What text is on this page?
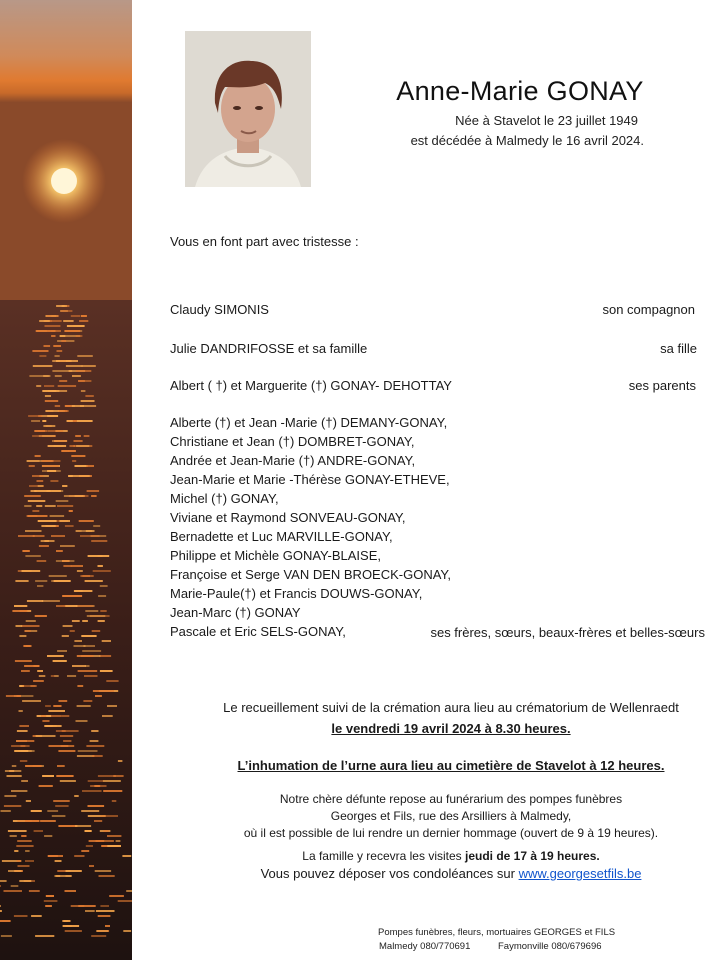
Anne-Marie GONAY
Née à Stavelot le 23 juillet 1949
est décédée à Malmedy le 16 avril 2024.
Vous en font part avec tristesse :
Claudy SIMONIS	son compagnon
Julie DANDRIFOSSE et sa famille	sa fille
Albert ( †) et Marguerite (†) GONAY- DEHOTTAY	ses parents
Alberte (†) et Jean -Marie (†) DEMANY-GONAY,
Christiane et Jean (†) DOMBRET-GONAY,
Andrée et Jean-Marie (†) ANDRE-GONAY,
Jean-Marie et Marie -Thérèse GONAY-ETHEVE,
Michel (†) GONAY,
Viviane et Raymond SONVEAU-GONAY,
Bernadette et Luc MARVILLE-GONAY,
Philippe et Michèle GONAY-BLAISE,
Françoise et Serge VAN DEN BROECK-GONAY,
Marie-Paule(†) et Francis DOUWS-GONAY,
Jean-Marc (†) GONAY
Pascale et Eric SELS-GONAY,	ses frères, sœurs, beaux-frères et belles-sœurs
Le recueillement suivi de la crémation aura lieu au crématorium de Wellenraedt
le vendredi 19 avril 2024 à 8.30 heures.
L’inhumation de l’urne aura lieu au cimetière de Stavelot à 12 heures.
Notre chère défunte repose au funérarium des pompes funèbres
Georges et Fils, rue des Arsilliers à Malmedy,
où il est possible de lui rendre un dernier hommage (ouvert de 9 à 19 heures).
La famille y recevra les visites jeudi de 17 à 19 heures.
Vous pouvez déposer vos condoléances sur www.georgesetfils.be
Pompes funèbres, fleurs, mortuaires GEORGES et FILS
Malmedy 080/770691	Faymonville 080/679696
